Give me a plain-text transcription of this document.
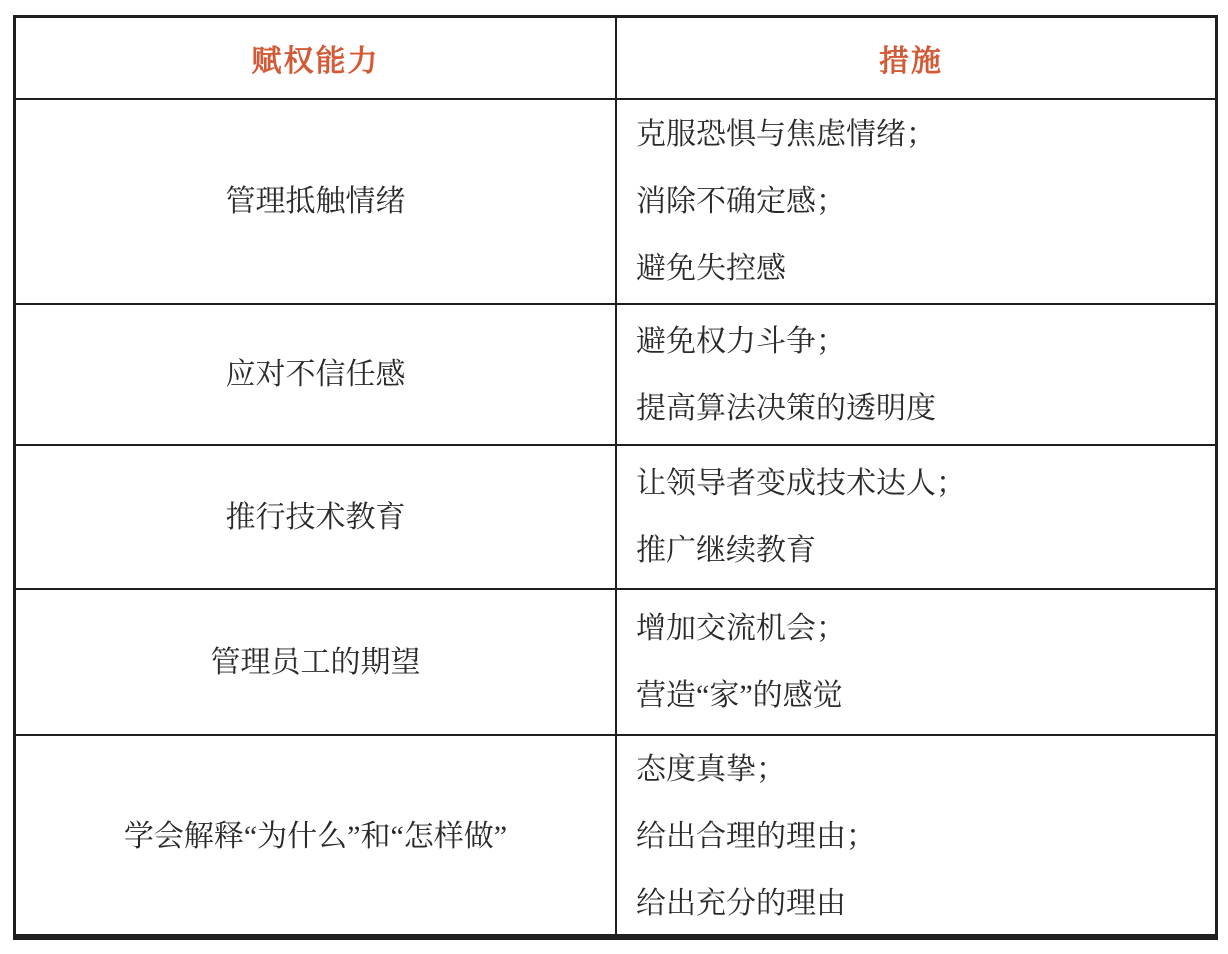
赋权能力	措施
管理抵触情绪

克服恐惧与焦虑情绪；

消除不确定感；

避免失控感

应对不信任感

避免权力斗争；

提高算法决策的透明度

推行技术教育

让领导者变成技术达人；

推广继续教育

管理员工的期望

增加交流机会；

营造“家”的感觉

学会解释“为什么”和“怎样做”

态度真挚；

给出合理的理由；

给出充分的理由
